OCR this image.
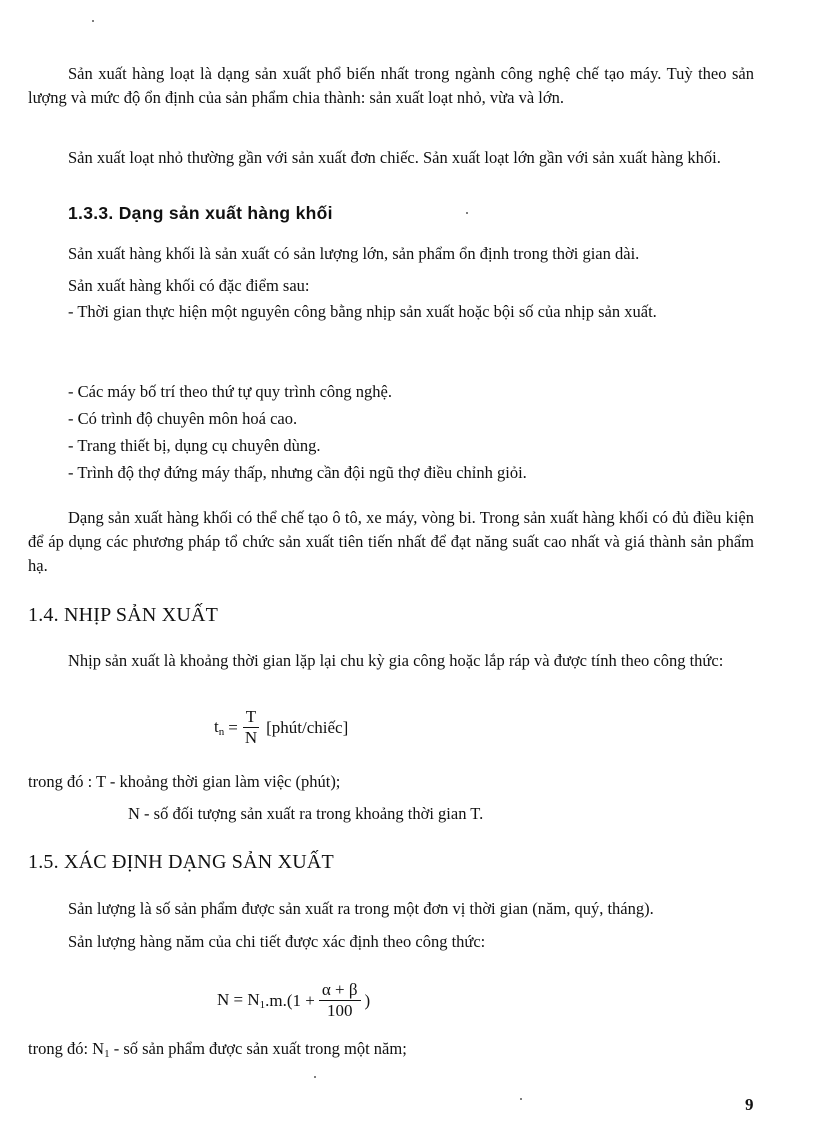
Sản xuất hàng loạt là dạng sản xuất phổ biến nhất trong ngành công nghệ chế tạo máy. Tuỳ theo sản lượng và mức độ ổn định của sản phẩm chia thành: sản xuất loạt nhỏ, vừa và lớn.

Sản xuất loạt nhỏ thường gần với sản xuất đơn chiếc. Sản xuất loạt lớn gần với sản xuất hàng khối.

1.3.3. Dạng sản xuất hàng khối

Sản xuất hàng khối là sản xuất có sản lượng lớn, sản phẩm ổn định trong thời gian dài.

Sản xuất hàng khối có đặc điểm sau:

- Thời gian thực hiện một nguyên công bằng nhịp sản xuất hoặc bội số của nhịp sản xuất.

- Các máy bố trí theo thứ tự quy trình công nghệ.

- Có trình độ chuyên môn hoá cao.

- Trang thiết bị, dụng cụ chuyên dùng.

- Trình độ thợ đứng máy thấp, nhưng cần đội ngũ thợ điều chỉnh giỏi.

Dạng sản xuất hàng khối có thể chế tạo ô tô, xe máy, vòng bi. Trong sản xuất hàng khối có đủ điều kiện để áp dụng các phương pháp tổ chức sản xuất tiên tiến nhất để đạt năng suất cao nhất và giá thành sản phẩm hạ.

1.4. NHỊP SẢN XUẤT

Nhịp sản xuất là khoảng thời gian lặp lại chu kỳ gia công hoặc lắp ráp và được tính theo công thức:

$t_n = \frac{T}{N}$ [phút/chiếc]

trong đó : T - khoảng thời gian làm việc (phút);

N - số đối tượng sản xuất ra trong khoảng thời gian T.

1.5. XÁC ĐỊNH DẠNG SẢN XUẤT

Sản lượng là số sản phẩm được sản xuất ra trong một đơn vị thời gian (năm, quý, tháng).

Sản lượng hàng năm của chi tiết được xác định theo công thức:

$N = N_1$ $.m.(1 + \frac{\alpha + \beta}{100}$ )

trong đó: $N_1$ - số sản phẩm được sản xuất trong một năm;

9
